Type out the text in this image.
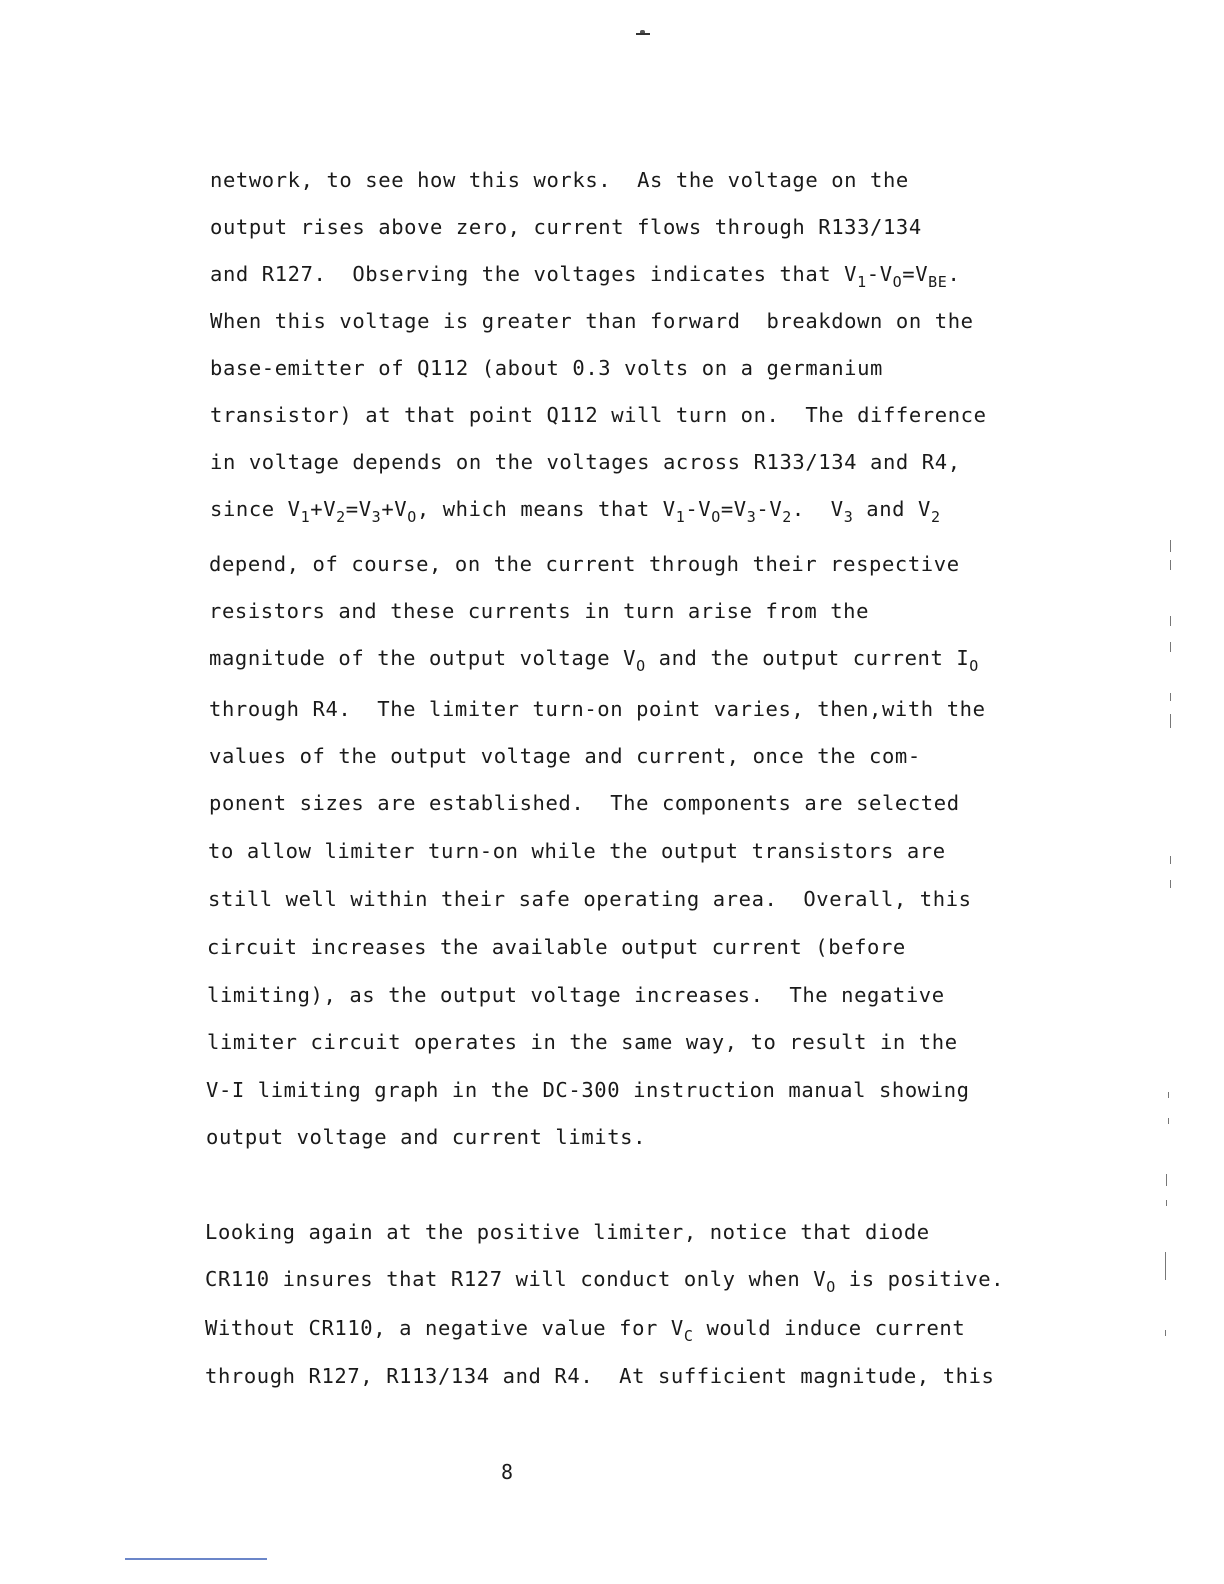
network, to see how this works.  As the voltage on the
output rises above zero, current flows through R133/134
and R127.  Observing the voltages indicates that $V_1-V_O=V_{BE}$.
When this voltage is greater than forward  breakdown on the
base-emitter of Q112 (about 0.3 volts on a germanium
transistor) at that point Q112 will turn on.  The difference
in voltage depends on the voltages across R133/134 and R4,
since $V_1+V_2=V_3+V_O$, which means that $V_1-V_O=V_3-V_2$.  $V_3$ and $V_2$
depend, of course, on the current through their respective
resistors and these currents in turn arise from the
magnitude of the output voltage $V_O$ and the output current $I_O$
through R4.  The limiter turn-on point varies, then,with the
values of the output voltage and current, once the com-
ponent sizes are established.  The components are selected
to allow limiter turn-on while the output transistors are
still well within their safe operating area.  Overall, this
circuit increases the available output current (before
limiting), as the output voltage increases.  The negative
limiter circuit operates in the same way, to result in the
V-I limiting graph in the DC-300 instruction manual showing
output voltage and current limits.
Looking again at the positive limiter, notice that diode
CR110 insures that R127 will conduct only when $V_O$ is positive.
Without CR110, a negative value for $V_C$ would induce current
through R127, R113/134 and R4.  At sufficient magnitude, this
8
